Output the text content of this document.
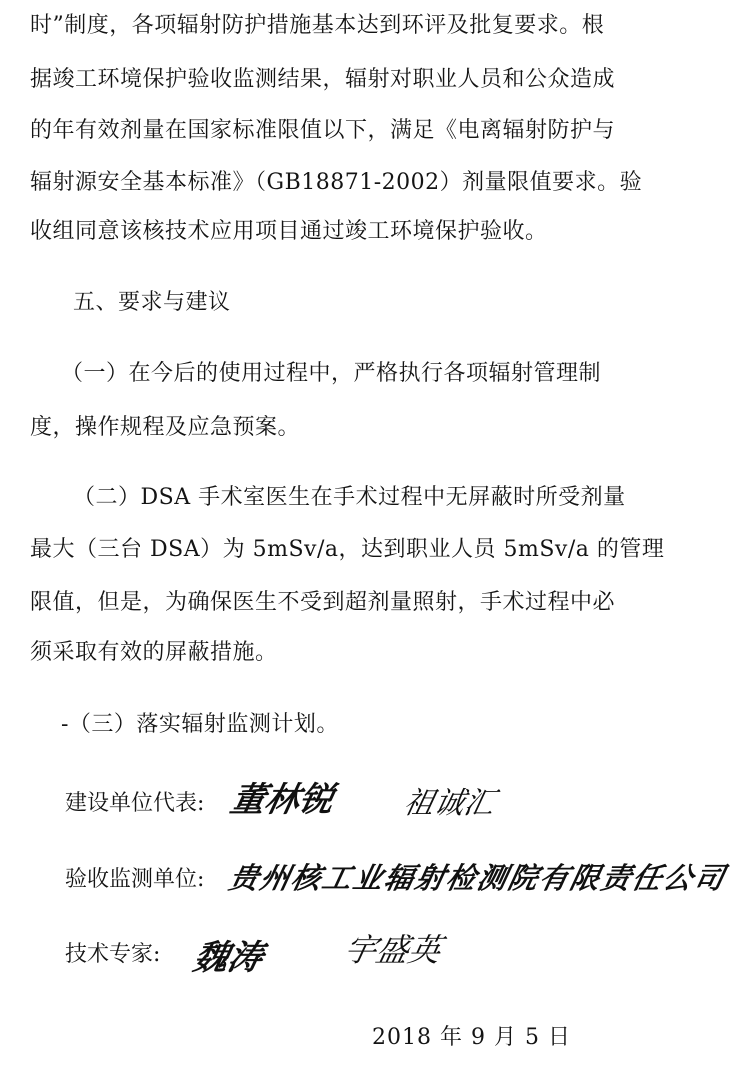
时”制度，各项辐射防护措施基本达到环评及批复要求。根
据竣工环境保护验收监测结果，辐射对职业人员和公众造成
的年有效剂量在国家标准限值以下，满足《电离辐射防护与
辐射源安全基本标准》（GB18871-2002）剂量限值要求。验
收组同意该核技术应用项目通过竣工环境保护验收。
五、要求与建议
（一）在今后的使用过程中，严格执行各项辐射管理制
度，操作规程及应急预案。
（二）DSA 手术室医生在手术过程中无屏蔽时所受剂量
最大（三台 DSA）为 5mSv/a，达到职业人员 5mSv/a 的管理
限值，但是，为确保医生不受到超剂量照射，手术过程中必
须采取有效的屏蔽措施。
-（三）落实辐射监测计划。
建设单位代表: 董林锐 祖诚汇
验收监测单位: 贵州核工业辐射检测院有限责任公司
技术专家: 魏涛 宇盛英
2018 年 9 月 5 日
